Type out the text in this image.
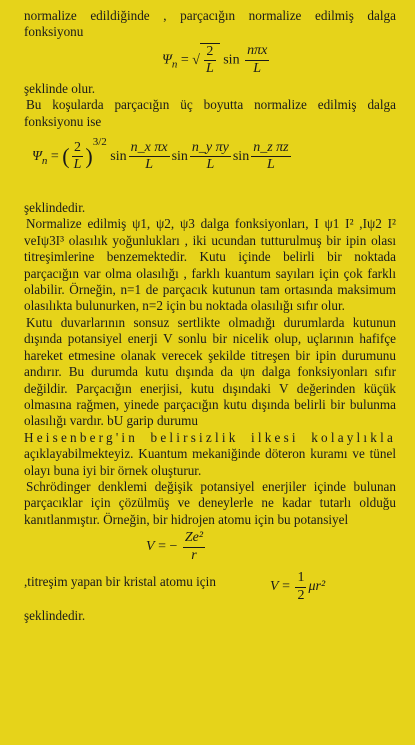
normalize edildiğinde , parçacığın normalize edilmiş dalga fonksiyonu

$\Psi_n$ = √ $\frac{2}{L}$ $\sin \frac{\text{nπx}}{L}$

şeklinde olur.

Bu koşularda parçacığın üç boyutta normalize edilmiş dalga fonksiyonu ise

$\Psi_n$ = ( $\frac{2}{L} )^{3/2}$ $\sin \frac{\text{n\_x πx}}{L}$ $\sin \frac{\text{n\_y πy}}{L}$ $\sin \frac{\text{n\_z πz}}{L}$

şeklindedir.

Normalize edilmiş ψ1, ψ2, ψ3 dalga fonksiyonları, I ψ1 I² ,Iψ2 I² veIψ3I³ olasılık yoğunlukları , iki ucundan tutturulmuş bir ipin olası titreşimlerine benzemektedir. Kutu içinde belirli bir noktada parçacığın var olma olasılığı , farklı kuantum sayıları için çok farklı olabilir. Örneğin, n=1 de parçacık kutunun tam ortasında maksimum olasılıkta bulunurken, n=2 için bu noktada olasılığı sıfır olur.

Kutu duvarlarının sonsuz sertlikte olmadığı durumlarda kutunun dışında potansiyel enerji V sonlu bir nicelik olup, uçlarının hafifçe hareket etmesine olanak verecek şekilde titreşen bir ipin durumunu andırır. Bu durumda kutu dışında da ψn dalga fonksiyonları sıfır değildir. Parçacığın enerjisi, kutu dışındaki V değerinden küçük olmasına rağmen, yinede parçacığın kutu dışında belirli bir bulunma olasılığı vardır. bU garip durumu

Heisenberg'in belirsizlik ilkesi kolaylıkla

açıklayabilmekteyiz. Kuantum mekaniğinde döteron kuramı ve tünel olayı buna iyi bir örnek oluşturur.

Schrödinger denklemi değişik potansiyel enerjiler içinde bulunan parçacıklar için çözülmüş ve deneylerle ne kadar tutarlı olduğu kanıtlanmıştır. Örneğin, bir hidrojen atomu için bu potansiyel

V = − $\frac{\text{Ze²}}{r}$

,titreşim yapan bir kristal atomu için	$V = \frac{1}{2} \mu r^2$

şeklindedir.
